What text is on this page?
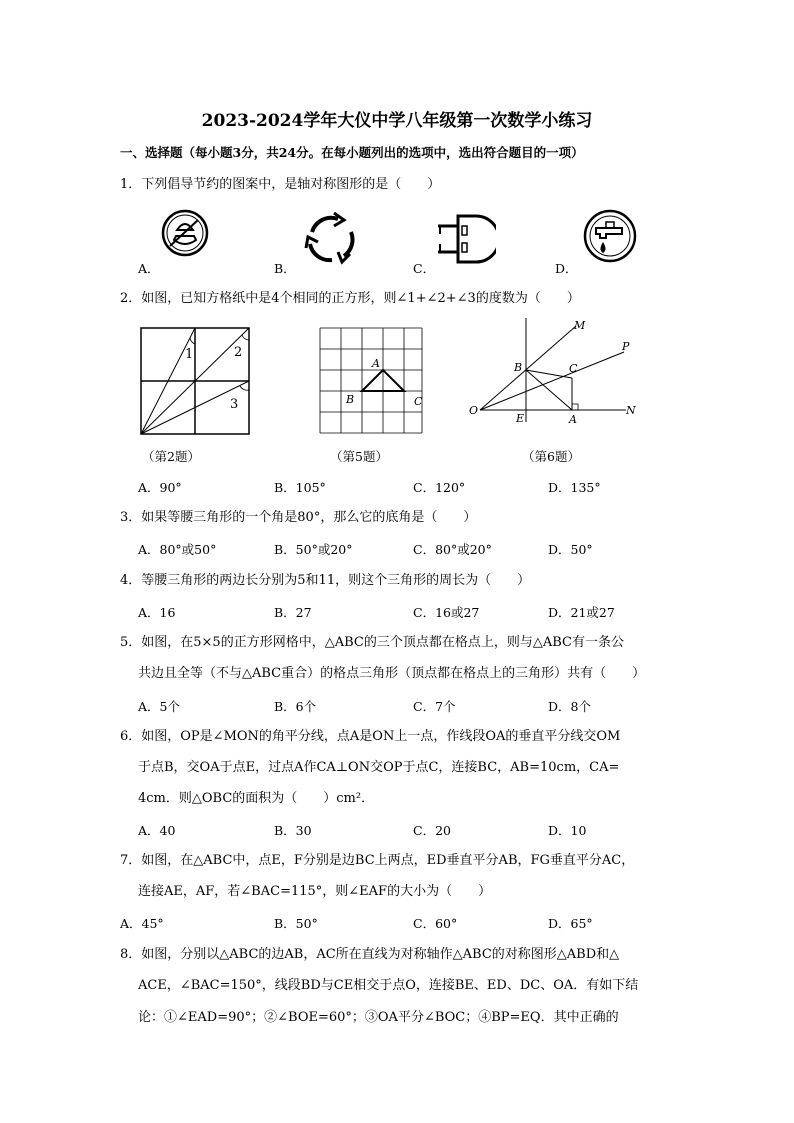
2023-2024学年大仪中学八年级第一次数学小练习
一、选择题（每小题3分，共24分。在每小题列出的选项中，选出符合题目的一项）
1．下列倡导节约的图案中，是轴对称图形的是（　　）
A．	B．	C．	D．
2．如图，已知方格纸中是4个相同的正方形，则∠1+∠2+∠3的度数为（　　）
1	2
3
A
B	C
M
P
B	C
O
E	A
N
（第2题）	（第5题）	（第6题）
A．90°	B．105°	C．120°	D．135°
3．如果等腰三角形的一个角是80°，那么它的底角是（　　）
A．80°或50°	B．50°或20°	C．80°或20°	D．50°
4．等腰三角形的两边长分别为5和11，则这个三角形的周长为（　　）
A．16	B．27	C．16或27	D．21或27
5．如图，在5×5的正方形网格中，△ABC的三个顶点都在格点上，则与△ABC有一条公
共边且全等（不与△ABC重合）的格点三角形（顶点都在格点上的三角形）共有（　　）
A．5个	B．6个	C．7个	D．8个
6．如图，OP是∠MON的角平分线，点A是ON上一点，作线段OA的垂直平分线交OM
于点B，交OA于点E，过点A作CA⊥ON交OP于点C，连接BC，AB=10cm，CA=
4cm．则△OBC的面积为（　　）cm²．
A．40	B．30	C．20	D．10
7．如图，在△ABC中，点E，F分别是边BC上两点，ED垂直平分AB，FG垂直平分AC，
连接AE，AF，若∠BAC=115°，则∠EAF的大小为（　　）
A．45°	B．50°	C．60°	D．65°
8．如图，分别以△ABC的边AB，AC所在直线为对称轴作△ABC的对称图形△ABD和△
ACE，∠BAC=150°，线段BD与CE相交于点O，连接BE、ED、DC、OA．有如下结
论：①∠EAD=90°；②∠BOE=60°；③OA平分∠BOC；④BP=EQ．其中正确的
